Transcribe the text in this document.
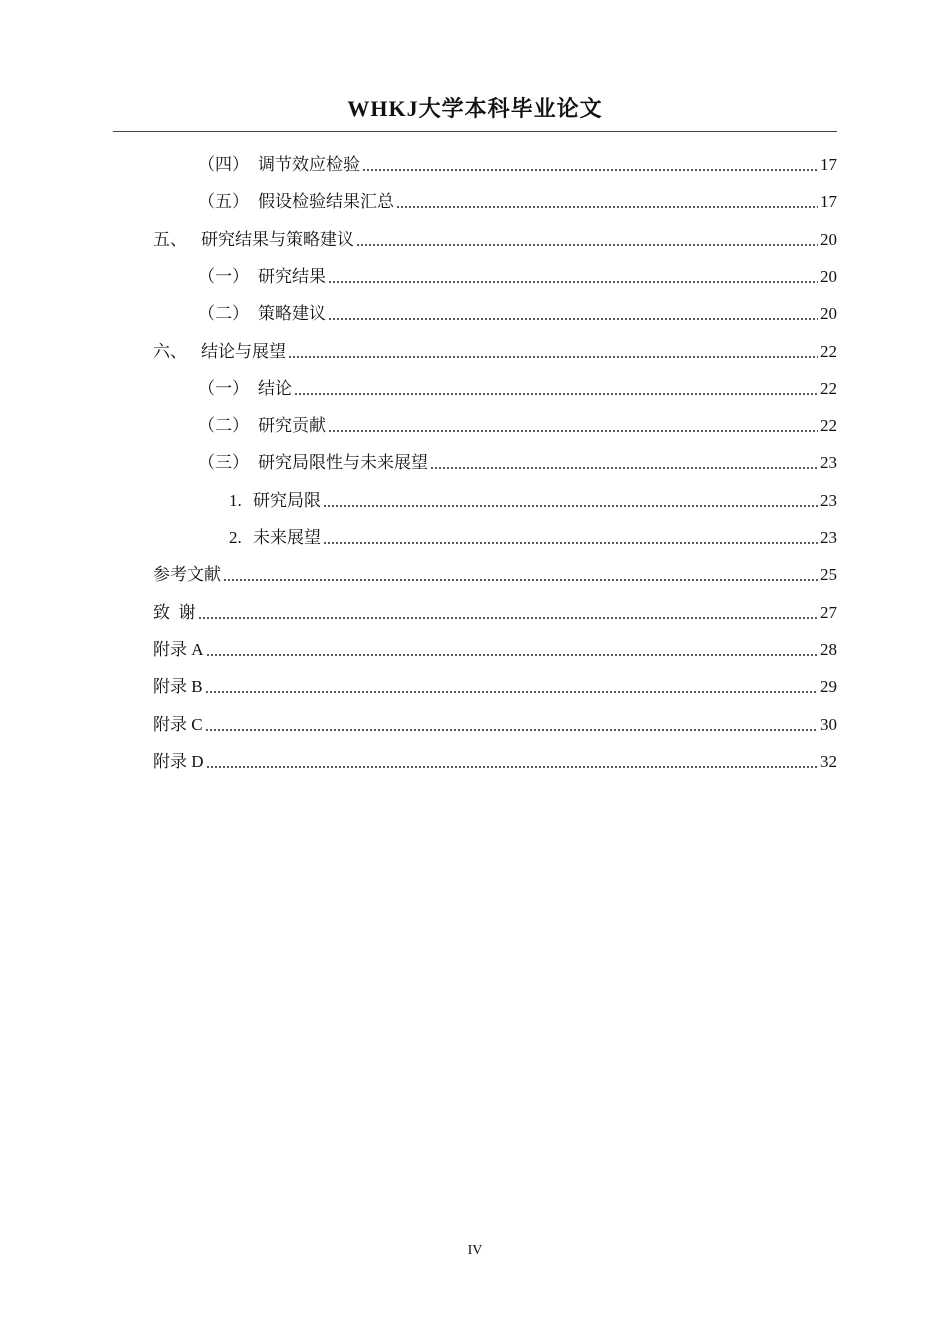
WHKJ大学本科毕业论文
（四） 调节效应检验	17
（五） 假设检验结果汇总	17
五、 研究结果与策略建议	20
（一） 研究结果	20
（二） 策略建议	20
六、 结论与展望	22
（一） 结论	22
（二） 研究贡献	22
（三） 研究局限性与未来展望	23
1. 研究局限	23
2. 未来展望	23
参考文献	25
致  谢	27
附录 A	28
附录 B	29
附录 C	30
附录 D	32
IV
